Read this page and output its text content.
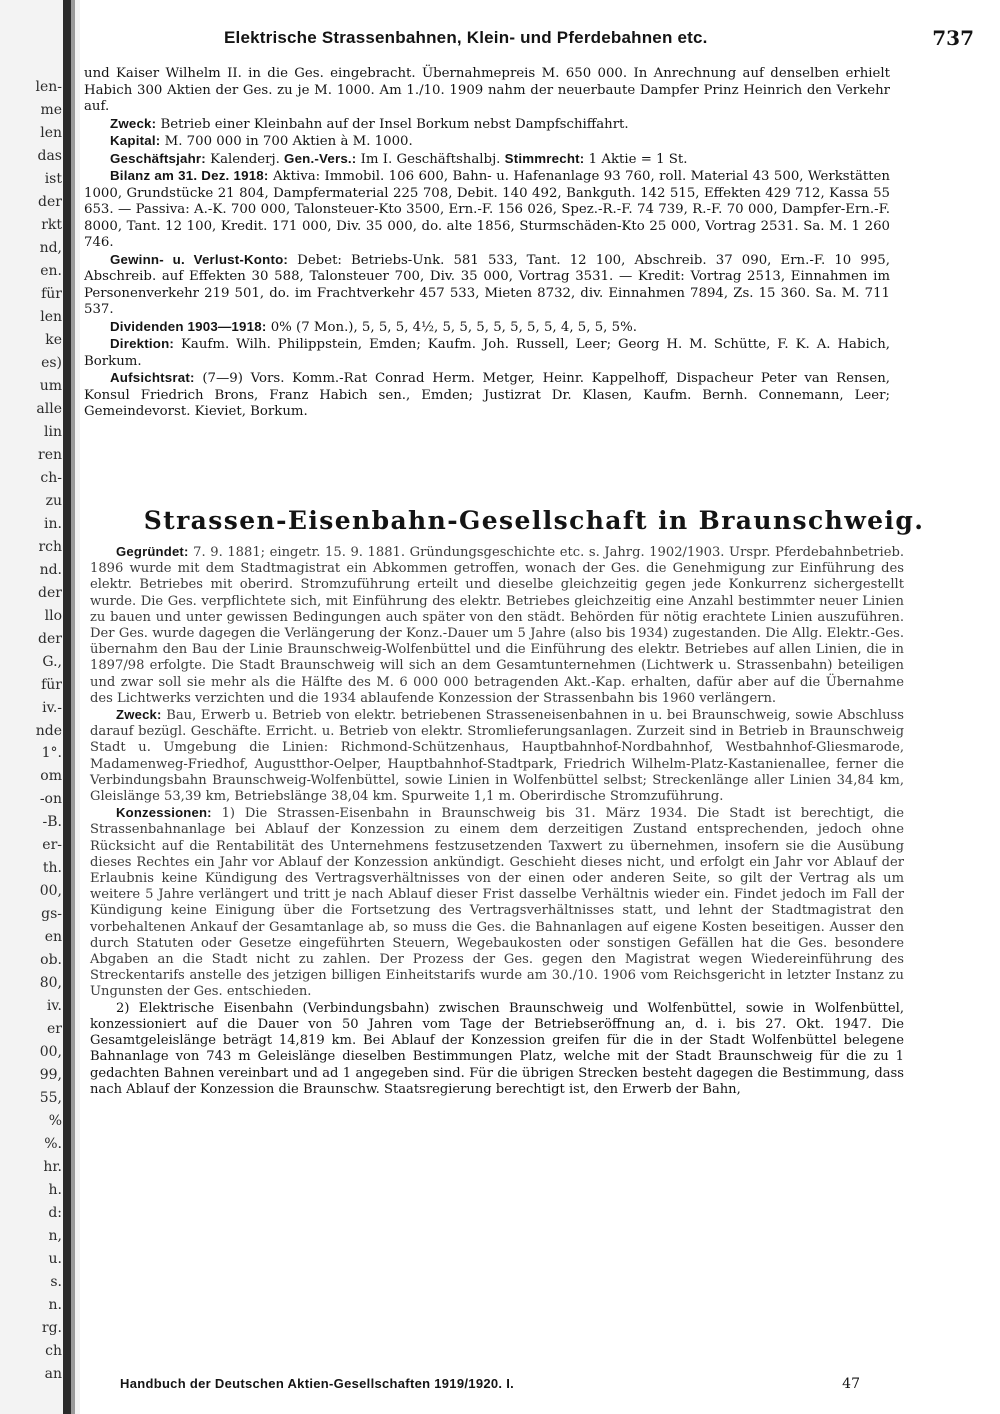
len-
me
len
das
ist
der
rkt
nd,
en.
für
len
ke
es)
um
alle
lin
ren
ch-
zu
in.
rch
nd.
der
llo
der
G.,
für
iv.-
nde
1°.
om
-on
-B.
er-
th.
00,
gs-
en
ob.
80,
iv.
er
00,
99,
55,
%
%.
hr.
h.
d:
n,
u.
s.
n.
rg.
ch
an
Elektrische Strassenbahnen, Klein- und Pferdebahnen etc.	737

und Kaiser Wilhelm II. in die Ges. eingebracht. Übernahmepreis M. 650 000. In Anrechnung auf denselben erhielt Habich 300 Aktien der Ges. zu je M. 1000. Am 1./10. 1909 nahm der neuerbaute Dampfer Prinz Heinrich den Verkehr auf.

Zweck: Betrieb einer Kleinbahn auf der Insel Borkum nebst Dampfschiffahrt.

Kapital: M. 700 000 in 700 Aktien à M. 1000.

Geschäftsjahr: Kalenderj. Gen.-Vers.: Im I. Geschäftshalbj. Stimmrecht: 1 Aktie = 1 St.

Bilanz am 31. Dez. 1918: Aktiva: Immobil. 106 600, Bahn- u. Hafenanlage 93 760, roll. Material 43 500, Werkstätten 1000, Grundstücke 21 804, Dampfermaterial 225 708, Debit. 140 492, Bankguth. 142 515, Effekten 429 712, Kassa 55 653. — Passiva: A.-K. 700 000, Talonsteuer-Kto 3500, Ern.-F. 156 026, Spez.-R.-F. 74 739, R.-F. 70 000, Dampfer-Ern.-F. 8000, Tant. 12 100, Kredit. 171 000, Div. 35 000, do. alte 1856, Sturmschäden-Kto 25 000, Vortrag 2531. Sa. M. 1 260 746.

Gewinn- u. Verlust-Konto: Debet: Betriebs-Unk. 581 533, Tant. 12 100, Abschreib. 37 090, Ern.-F. 10 995, Abschreib. auf Effekten 30 588, Talonsteuer 700, Div. 35 000, Vortrag 3531. — Kredit: Vortrag 2513, Einnahmen im Personenverkehr 219 501, do. im Frachtverkehr 457 533, Mieten 8732, div. Einnahmen 7894, Zs. 15 360. Sa. M. 711 537.

Dividenden 1903—1918: 0% (7 Mon.), 5, 5, 5, 4½, 5, 5, 5, 5, 5, 5, 5, 4, 5, 5, 5%.

Direktion: Kaufm. Wilh. Philippstein, Emden; Kaufm. Joh. Russell, Leer; Georg H. M. Schütte, F. K. A. Habich, Borkum.

Aufsichtsrat: (7—9) Vors. Komm.-Rat Conrad Herm. Metger, Heinr. Kappelhoff, Dispacheur Peter van Rensen, Konsul Friedrich Brons, Franz Habich sen., Emden; Justizrat Dr. Klasen, Kaufm. Bernh. Connemann, Leer; Gemeindevorst. Kieviet, Borkum.

Strassen-Eisenbahn-Gesellschaft in Braunschweig.

Gegründet: 7. 9. 1881; eingetr. 15. 9. 1881. Gründungsgeschichte etc. s. Jahrg. 1902/1903. Urspr. Pferdebahnbetrieb. 1896 wurde mit dem Stadtmagistrat ein Abkommen getroffen, wonach der Ges. die Genehmigung zur Einführung des elektr. Betriebes mit oberird. Stromzuführung erteilt und dieselbe gleichzeitig gegen jede Konkurrenz sichergestellt wurde. Die Ges. verpflichtete sich, mit Einführung des elektr. Betriebes gleichzeitig eine Anzahl bestimmter neuer Linien zu bauen und unter gewissen Bedingungen auch später von den städt. Behörden für nötig erachtete Linien auszuführen. Der Ges. wurde dagegen die Verlängerung der Konz.-Dauer um 5 Jahre (also bis 1934) zugestanden. Die Allg. Elektr.-Ges. übernahm den Bau der Linie Braunschweig-Wolfenbüttel und die Einführung des elektr. Betriebes auf allen Linien, die in 1897/98 erfolgte. Die Stadt Braunschweig will sich an dem Gesamtunternehmen (Lichtwerk u. Strassenbahn) beteiligen und zwar soll sie mehr als die Hälfte des M. 6 000 000 betragenden Akt.-Kap. erhalten, dafür aber auf die Übernahme des Lichtwerks verzichten und die 1934 ablaufende Konzession der Strassenbahn bis 1960 verlängern.

Zweck: Bau, Erwerb u. Betrieb von elektr. betriebenen Strasseneisenbahnen in u. bei Braunschweig, sowie Abschluss darauf bezügl. Geschäfte. Erricht. u. Betrieb von elektr. Stromlieferungsanlagen. Zurzeit sind in Betrieb in Braunschweig Stadt u. Umgebung die Linien: Richmond-Schützenhaus, Hauptbahnhof-Nordbahnhof, Westbahnhof-Gliesmarode, Madamenweg-Friedhof, Augustthor-Oelper, Hauptbahnhof-Stadtpark, Friedrich Wilhelm-Platz-Kastanienallee, ferner die Verbindungsbahn Braunschweig-Wolfenbüttel, sowie Linien in Wolfenbüttel selbst; Streckenlänge aller Linien 34,84 km, Gleislänge 53,39 km, Betriebslänge 38,04 km. Spurweite 1,1 m. Oberirdische Stromzuführung.

Konzessionen: 1) Die Strassen-Eisenbahn in Braunschweig bis 31. März 1934. Die Stadt ist berechtigt, die Strassenbahnanlage bei Ablauf der Konzession zu einem dem derzeitigen Zustand entsprechenden, jedoch ohne Rücksicht auf die Rentabilität des Unternehmens festzusetzenden Taxwert zu übernehmen, insofern sie die Ausübung dieses Rechtes ein Jahr vor Ablauf der Konzession ankündigt. Geschieht dieses nicht, und erfolgt ein Jahr vor Ablauf der Erlaubnis keine Kündigung des Vertragsverhältnisses von der einen oder anderen Seite, so gilt der Vertrag als um weitere 5 Jahre verlängert und tritt je nach Ablauf dieser Frist dasselbe Verhältnis wieder ein. Findet jedoch im Fall der Kündigung keine Einigung über die Fortsetzung des Vertragsverhältnisses statt, und lehnt der Stadtmagistrat den vorbehaltenen Ankauf der Gesamtanlage ab, so muss die Ges. die Bahnanlagen auf eigene Kosten beseitigen. Ausser den durch Statuten oder Gesetze eingeführten Steuern, Wegebaukosten oder sonstigen Gefällen hat die Ges. besondere Abgaben an die Stadt nicht zu zahlen. Der Prozess der Ges. gegen den Magistrat wegen Wiedereinführung des Streckentarifs anstelle des jetzigen billigen Einheitstarifs wurde am 30./10. 1906 vom Reichsgericht in letzter Instanz zu Ungunsten der Ges. entschieden.

2) Elektrische Eisenbahn (Verbindungsbahn) zwischen Braunschweig und Wolfenbüttel, sowie in Wolfenbüttel, konzessioniert auf die Dauer von 50 Jahren vom Tage der Betriebseröffnung an, d. i. bis 27. Okt. 1947. Die Gesamtgeleislänge beträgt 14,819 km. Bei Ablauf der Konzession greifen für die in der Stadt Wolfenbüttel belegene Bahnanlage von 743 m Geleislänge dieselben Bestimmungen Platz, welche mit der Stadt Braunschweig für die zu 1 gedachten Bahnen vereinbart und ad 1 angegeben sind. Für die übrigen Strecken besteht dagegen die Bestimmung, dass nach Ablauf der Konzession die Braunschw. Staatsregierung berechtigt ist, den Erwerb der Bahn,

Handbuch der Deutschen Aktien-Gesellschaften 1919/1920. I.	47
